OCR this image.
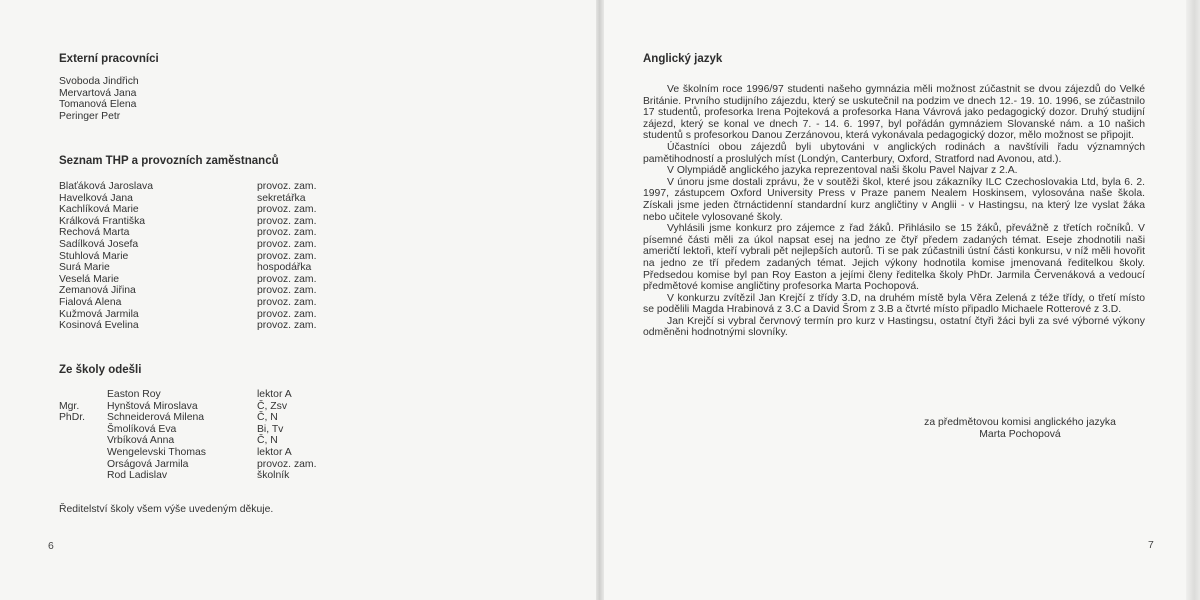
Externí pracovníci
Svoboda Jindřich
Mervartová Jana
Tomanová Elena
Peringer Petr
Seznam THP a provozních zaměstnanců
Blaťáková Jaroslava	provoz. zam.
Havelková Jana	sekretářka
Kachlíková Marie	provoz. zam.
Králková Františka	provoz. zam.
Rechová Marta	provoz. zam.
Sadílková Josefa	provoz. zam.
Stuhlová Marie	provoz. zam.
Surá Marie	hospodářka
Veselá Marie	provoz. zam.
Zemanová Jiřina	provoz. zam.
Fialová Alena	provoz. zam.
Kužmová Jarmila	provoz. zam.
Kosinová Evelina	provoz. zam.
Ze školy odešli
	Easton Roy	lektor A
Mgr.	Hynštová Miroslava	Č, Zsv
PhDr.	Schneiderová Milena	Č, N
	Šmolíková Eva	Bi, Tv
	Vrbíková Anna	Č, N
	Wengelevski Thomas	lektor A
	Orságová Jarmila	provoz. zam.
	Rod Ladislav	školník

Ředitelství školy všem výše uvedeným děkuje.

6
Anglický jazyk

Ve školním roce 1996/97 studenti našeho gymnázia měli možnost zúčastnit se dvou zájezdů do Velké Británie. Prvního studijního zájezdu, který se uskutečnil na podzim ve dnech 12.- 19. 10. 1996, se zúčastnilo 17 studentů, profesorka Irena Pojteková a profesorka Hana Vávrová jako pedagogický dozor. Druhý studijní zájezd, který se konal ve dnech 7. - 14. 6. 1997, byl pořádán gymnáziem Slovanské nám. a 10 našich studentů s profesorkou Danou Zerzánovou, která vykonávala pedagogický dozor, mělo možnost se připojit.

Účastníci obou zájezdů byli ubytováni v anglických rodinách a navštívili řadu významných pamětihodností a proslulých míst (Londýn, Canterbury, Oxford, Stratford nad Avonou, atd.).

V Olympiádě anglického jazyka reprezentoval naši školu Pavel Najvar z 2.A.

V únoru jsme dostali zprávu, že v soutěži škol, které jsou zákazníky ILC Czechoslovakia Ltd, byla 6. 2. 1997, zástupcem Oxford University Press v Praze panem Nealem Hoskinsem, vylosována naše škola. Získali jsme jeden čtrnáctidenní standardní kurz angličtiny v Anglii - v Hastingsu, na který lze vyslat žáka nebo učitele vylosované školy.

Vyhlásili jsme konkurz pro zájemce z řad žáků. Přihlásilo se 15 žáků, převážně z třetích ročníků. V písemné části měli za úkol napsat esej na jedno ze čtyř předem zadaných témat. Eseje zhodnotili naši američtí lektoři, kteří vybrali pět nejlepších autorů. Ti se pak zúčastnili ústní části konkursu, v níž měli hovořit na jedno ze tří předem zadaných témat. Jejich výkony hodnotila komise jmenovaná ředitelkou školy. Předsedou komise byl pan Roy Easton a jejími členy ředitelka školy PhDr. Jarmila Červenáková a vedoucí předmětové komise angličtiny profesorka Marta Pochopová.

V konkurzu zvítězil Jan Krejčí z třídy 3.D, na druhém místě byla Věra Zelená z téže třídy, o třetí místo se podělili Magda Hrabinová z 3.C a David Šrom z 3.B a čtvrté místo připadlo Michaele Rotterové z 3.D.

Jan Krejčí si vybral červnový termín pro kurz v Hastingsu, ostatní čtyři žáci byli za své výborné výkony odměněni hodnotnými slovníky.

za předmětovou komisi anglického jazyka
Marta Pochopová
7
